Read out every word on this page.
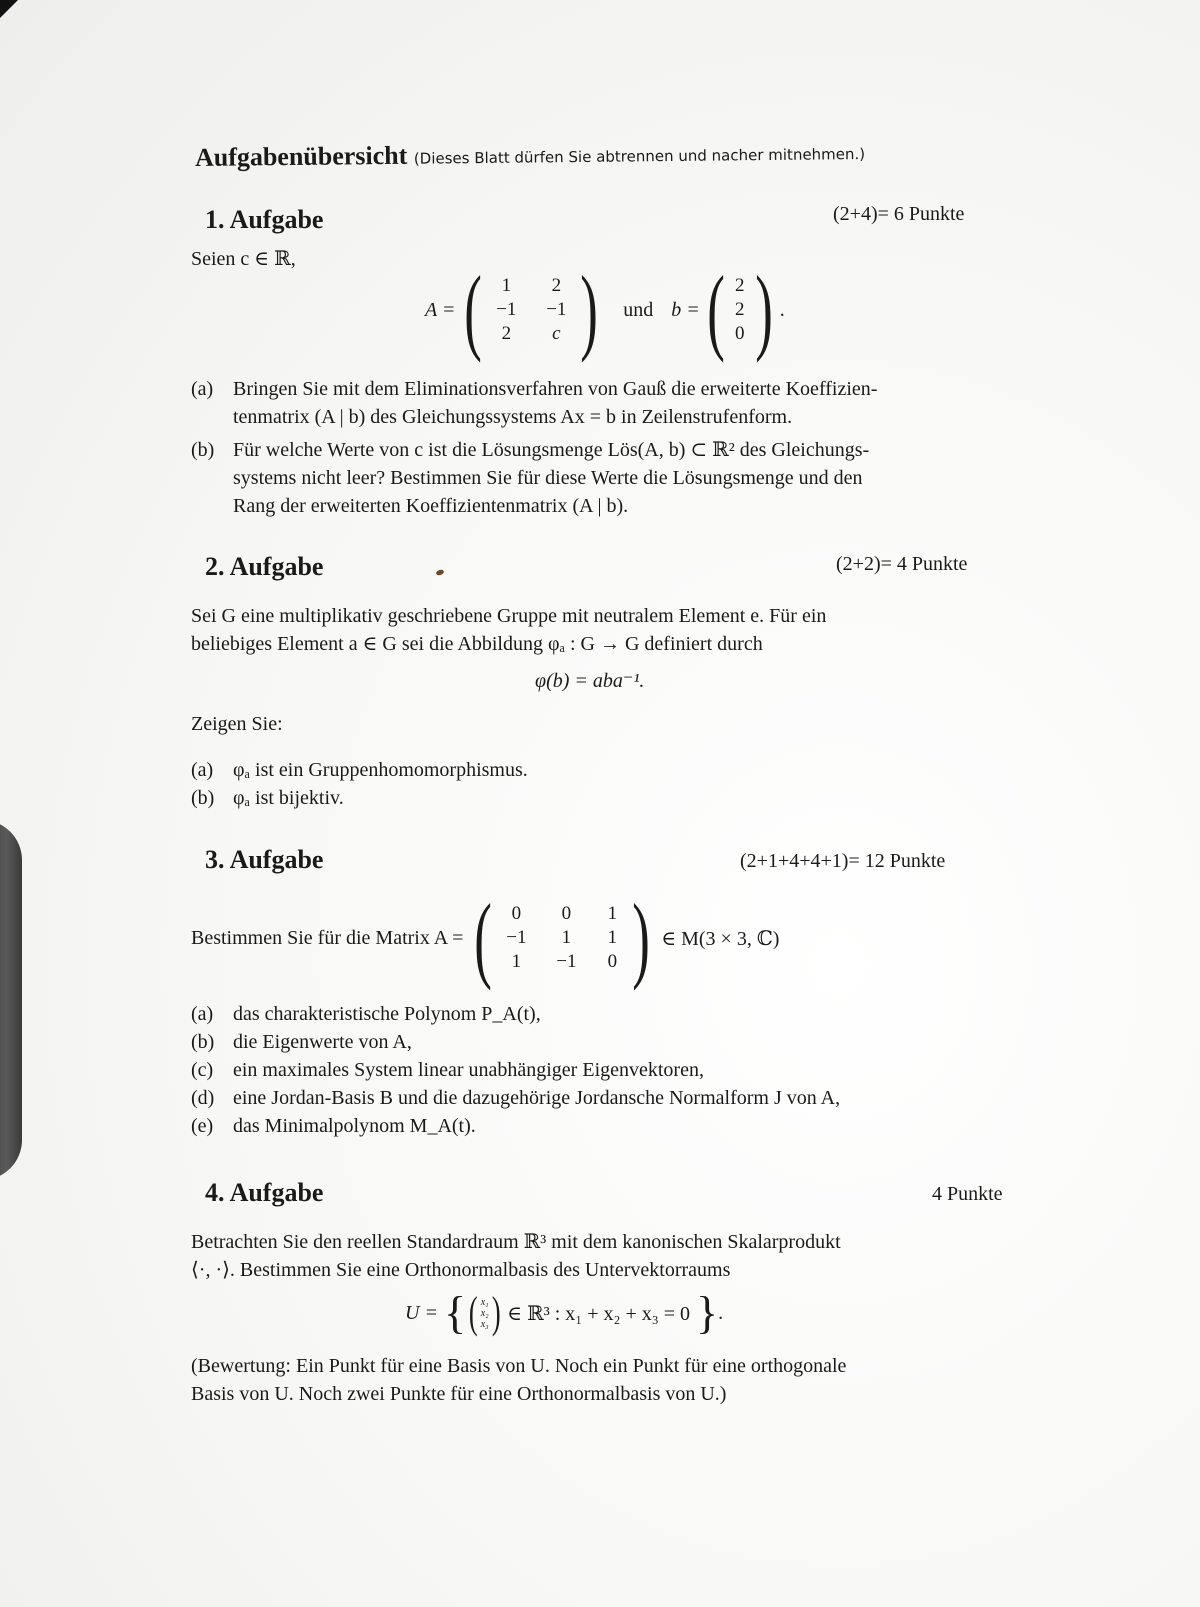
Aufgabenübersicht (Dieses Blatt dürfen Sie abtrennen und nacher mitnehmen.)
1. Aufgabe	(2+4)= 6 Punkte
Seien c ∈ ℝ,
A = (	1	2
−1	−1
2	c ) und b = ( 2
2
0 ) .
(a) Bringen Sie mit dem Eliminationsverfahren von Gauß die erweiterte Koeffizien-
tenmatrix (A | b) des Gleichungssystems Ax = b in Zeilenstrufenform.
(b) Für welche Werte von c ist die Lösungsmenge Lös(A, b) ⊂ ℝ² des Gleichungs-
systems nicht leer? Bestimmen Sie für diese Werte die Lösungsmenge und den
Rang der erweiterten Koeffizientenmatrix (A | b).
2. Aufgabe	(2+2)= 4 Punkte
Sei G eine multiplikativ geschriebene Gruppe mit neutralem Element e. Für ein
beliebiges Element a ∈ G sei die Abbildung φₐ : G → G definiert durch
φ(b) = aba⁻¹.
Zeigen Sie:
(a) φₐ ist ein Gruppenhomomorphismus.
(b) φₐ ist bijektiv.
3. Aufgabe	(2+1+4+4+1)= 12 Punkte
Bestimmen Sie für die Matrix A = (	0	0	1
−1	1	1
1	−1	0 ) ∈ M(3 × 3, ℂ)
(a) das charakteristische Polynom P_A(t),
(b) die Eigenwerte von A,
(c) ein maximales System linear unabhängiger Eigenvektoren,
(d) eine Jordan-Basis B und die dazugehörige Jordansche Normalform J von A,
(e) das Minimalpolynom M_A(t).
4. Aufgabe	4 Punkte
Betrachten Sie den reellen Standardraum ℝ³ mit dem kanonischen Skalarprodukt
⟨·, ·⟩. Bestimmen Sie eine Orthonormalbasis des Untervektorraums
U = { ( x₁
x₂
x₃ ) ∈ ℝ³ : x₁ + x₂ + x₃ = 0 } .
(Bewertung: Ein Punkt für eine Basis von U. Noch ein Punkt für eine orthogonale
Basis von U. Noch zwei Punkte für eine Orthonormalbasis von U.)
